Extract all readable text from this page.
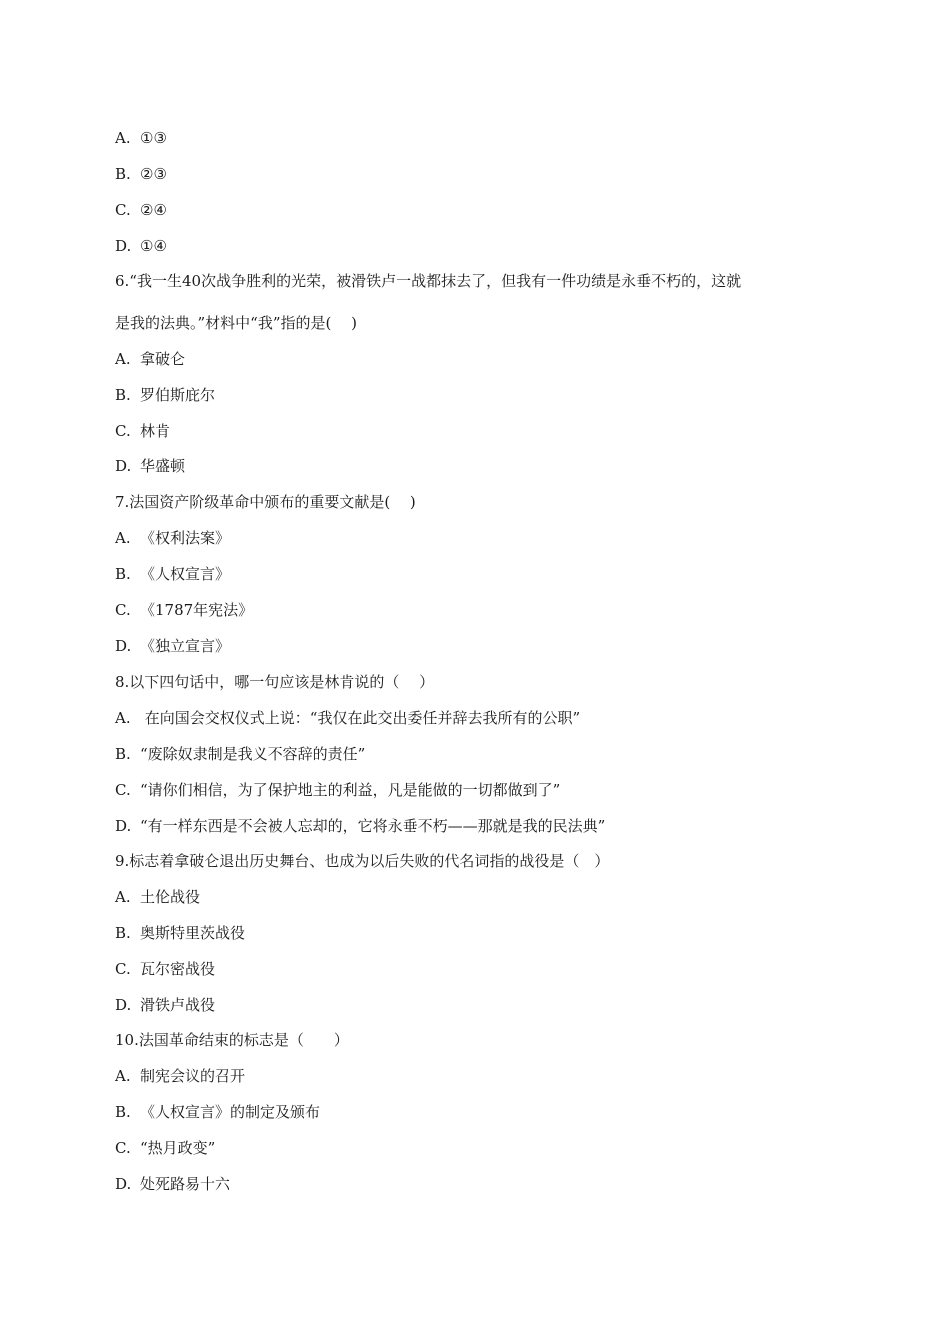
A. ①③
B. ②③
C. ②④
D. ①④
6.“我一生40次战争胜利的光荣，被滑铁卢一战都抹去了，但我有一件功绩是永垂不朽的，这就
是我的法典。”材料中“我”指的是(　 )
A. 拿破仑
B. 罗伯斯庇尔
C. 林肯
D. 华盛顿
7.法国资产阶级革命中颁布的重要文献是(　 )
A. 《权利法案》
B. 《人权宣言》
C. 《1787年宪法》
D. 《独立宣言》
8.以下四句话中，哪一句应该是林肯说的（　 ）
A. 在向国会交权仪式上说：“我仅在此交出委任并辞去我所有的公职”
B. “废除奴隶制是我义不容辞的责任”
C. “请你们相信，为了保护地主的利益，凡是能做的一切都做到了”
D. “有一样东西是不会被人忘却的，它将永垂不朽——那就是我的民法典”
9.标志着拿破仑退出历史舞台、也成为以后失败的代名词指的战役是（　）
A. 土伦战役
B. 奥斯特里茨战役
C. 瓦尔密战役
D. 滑铁卢战役
10.法国革命结束的标志是（　　）
A. 制宪会议的召开
B. 《人权宣言》的制定及颁布
C. “热月政变”
D. 处死路易十六
